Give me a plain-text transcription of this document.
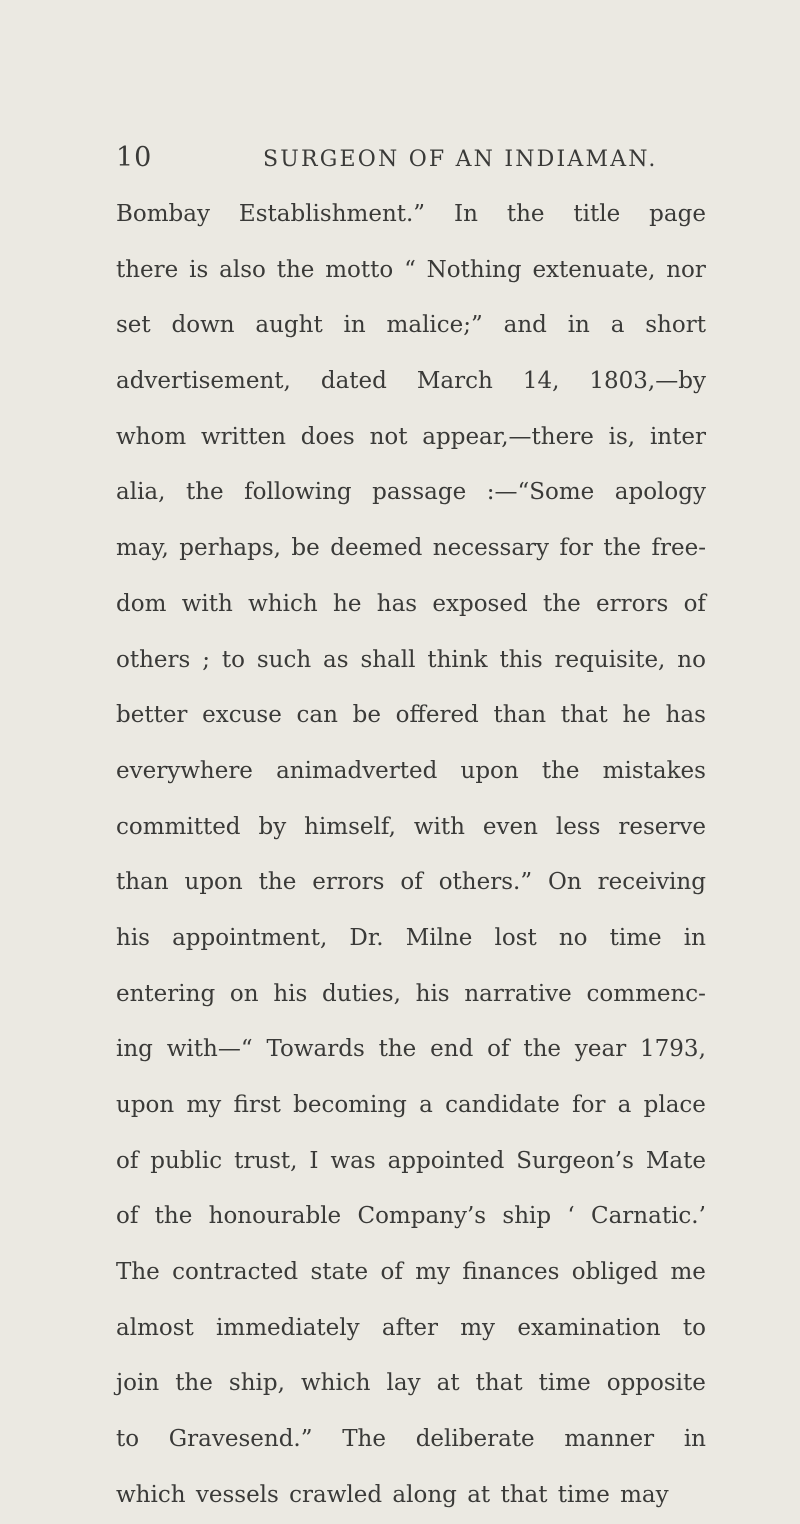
10	SURGEON OF AN INDIAMAN.
Bombay Establishment.” In the title page
there is also the motto “ Nothing extenuate, nor
set down aught in malice;” and in a short
advertisement, dated March 14, 1803,—by
whom written does not appear,—there is, inter
alia, the following passage :—“Some apology
may, perhaps, be deemed necessary for the free-
dom with which he has exposed the errors of
others ; to such as shall think this requisite, no
better excuse can be offered than that he has
everywhere animadverted upon the mistakes
committed by himself, with even less reserve
than upon the errors of others.” On receiving
his appointment, Dr. Milne lost no time in
entering on his duties, his narrative commenc-
ing with—“ Towards the end of the year 1793,
upon my first becoming a candidate for a place
of public trust, I was appointed Surgeon’s Mate
of the honourable Company’s ship ‘ Carnatic.’
The contracted state of my finances obliged me
almost immediately after my examination to
join the ship, which lay at that time opposite
to Gravesend.” The deliberate manner in
which vessels crawled along at that time may
